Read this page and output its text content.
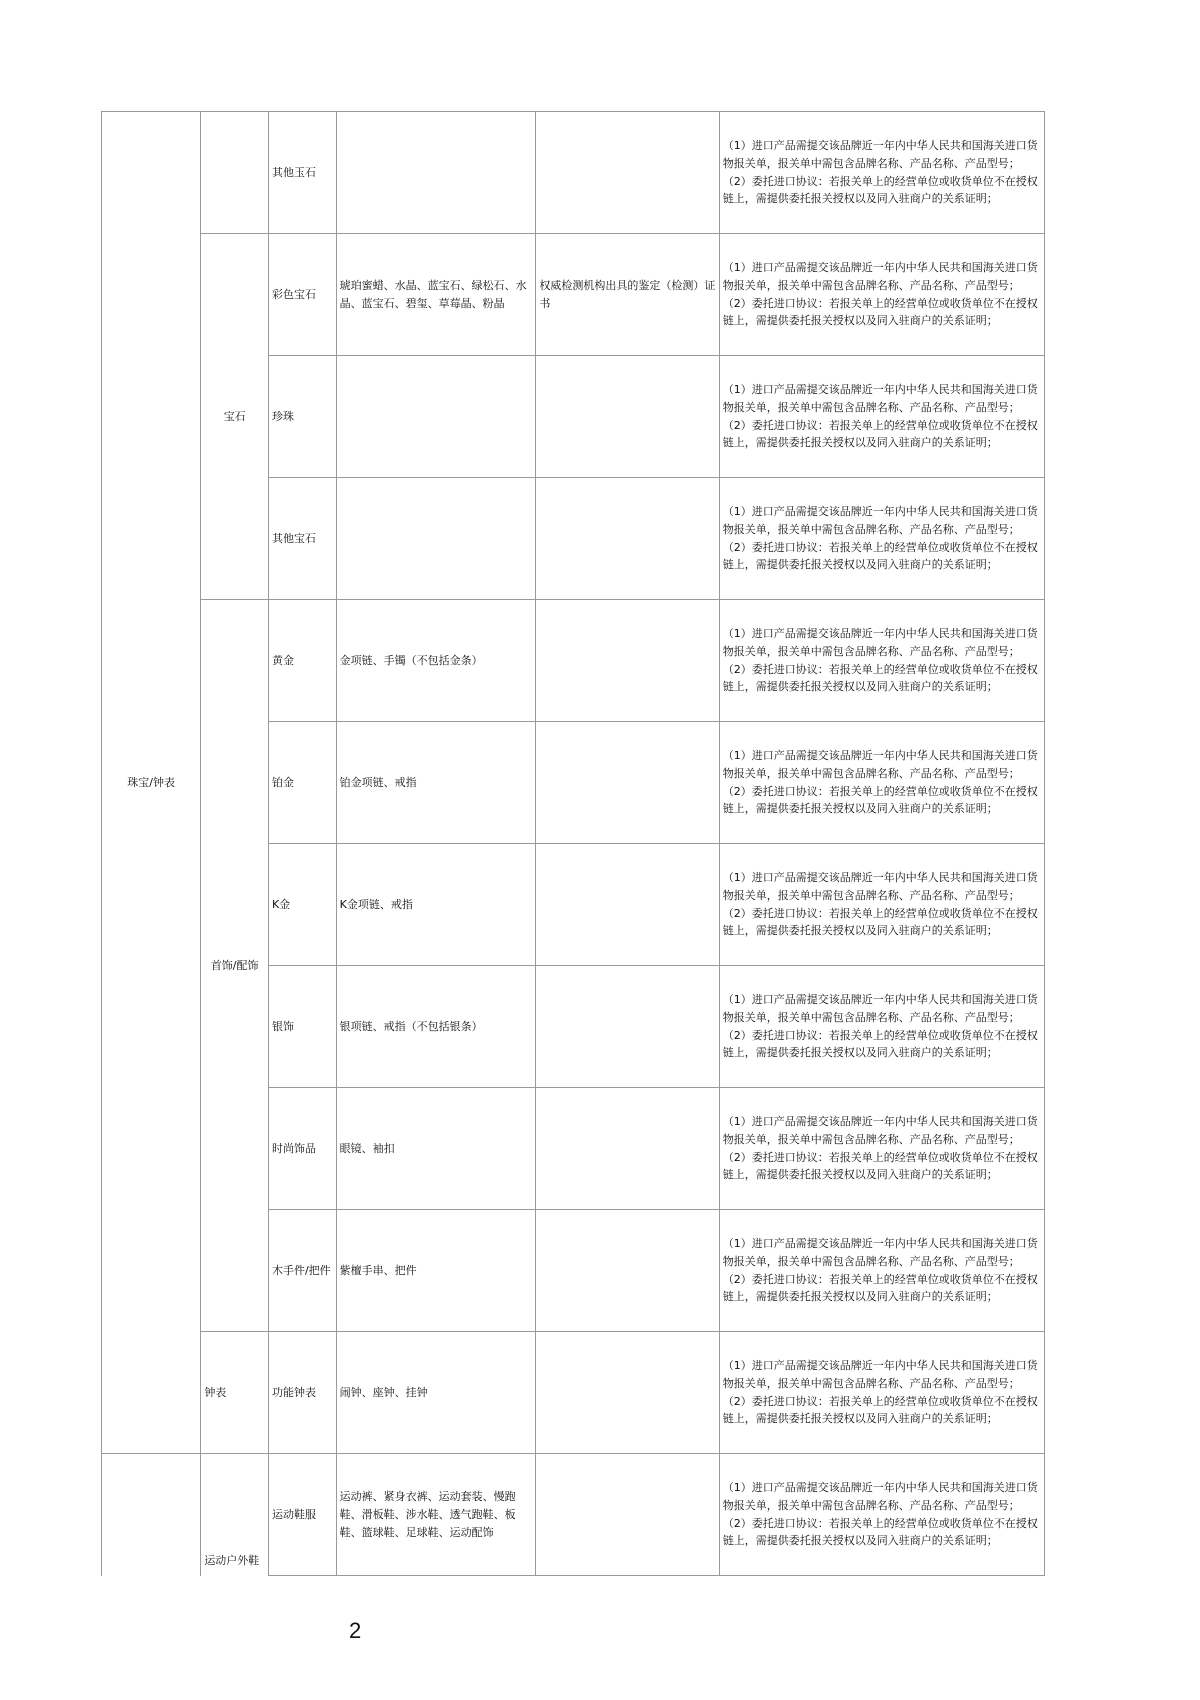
珠宝/钟表		其他玉石			（1）进口产品需提交该品牌近一年内中华人民共和国海关进口货物报关单，报关单中需包含品牌名称、产品名称、产品型号；
（2）委托进口协议：若报关单上的经营单位或收货单位不在授权链上，需提供委托报关授权以及同入驻商户的关系证明；
	宝石	彩色宝石	琥珀蜜蜡、水晶、蓝宝石、绿松石、水晶、蓝宝石、碧玺、草莓晶、粉晶	权威检测机构出具的鉴定（检测）证书	（1）进口产品需提交该品牌近一年内中华人民共和国海关进口货物报关单，报关单中需包含品牌名称、产品名称、产品型号；
（2）委托进口协议：若报关单上的经营单位或收货单位不在授权链上，需提供委托报关授权以及同入驻商户的关系证明；
		珍珠			（1）进口产品需提交该品牌近一年内中华人民共和国海关进口货物报关单，报关单中需包含品牌名称、产品名称、产品型号；
（2）委托进口协议：若报关单上的经营单位或收货单位不在授权链上，需提供委托报关授权以及同入驻商户的关系证明；
		其他宝石			（1）进口产品需提交该品牌近一年内中华人民共和国海关进口货物报关单，报关单中需包含品牌名称、产品名称、产品型号；
（2）委托进口协议：若报关单上的经营单位或收货单位不在授权链上，需提供委托报关授权以及同入驻商户的关系证明；
	首饰/配饰	黄金	金项链、手镯（不包括金条）		（1）进口产品需提交该品牌近一年内中华人民共和国海关进口货物报关单，报关单中需包含品牌名称、产品名称、产品型号；
（2）委托进口协议：若报关单上的经营单位或收货单位不在授权链上，需提供委托报关授权以及同入驻商户的关系证明；
		铂金	铂金项链、戒指		（1）进口产品需提交该品牌近一年内中华人民共和国海关进口货物报关单，报关单中需包含品牌名称、产品名称、产品型号；
（2）委托进口协议：若报关单上的经营单位或收货单位不在授权链上，需提供委托报关授权以及同入驻商户的关系证明；
		K金	K金项链、戒指		（1）进口产品需提交该品牌近一年内中华人民共和国海关进口货物报关单，报关单中需包含品牌名称、产品名称、产品型号；
（2）委托进口协议：若报关单上的经营单位或收货单位不在授权链上，需提供委托报关授权以及同入驻商户的关系证明；
		银饰	银项链、戒指（不包括银条）		（1）进口产品需提交该品牌近一年内中华人民共和国海关进口货物报关单，报关单中需包含品牌名称、产品名称、产品型号；
（2）委托进口协议：若报关单上的经营单位或收货单位不在授权链上，需提供委托报关授权以及同入驻商户的关系证明；
		时尚饰品	眼镜、袖扣		（1）进口产品需提交该品牌近一年内中华人民共和国海关进口货物报关单，报关单中需包含品牌名称、产品名称、产品型号；
（2）委托进口协议：若报关单上的经营单位或收货单位不在授权链上，需提供委托报关授权以及同入驻商户的关系证明；
		木手件/把件	紫檀手串、把件		（1）进口产品需提交该品牌近一年内中华人民共和国海关进口货物报关单，报关单中需包含品牌名称、产品名称、产品型号；
（2）委托进口协议：若报关单上的经营单位或收货单位不在授权链上，需提供委托报关授权以及同入驻商户的关系证明；
	钟表	功能钟表	闹钟、座钟、挂钟		（1）进口产品需提交该品牌近一年内中华人民共和国海关进口货物报关单，报关单中需包含品牌名称、产品名称、产品型号；
（2）委托进口协议：若报关单上的经营单位或收货单位不在授权链上，需提供委托报关授权以及同入驻商户的关系证明；
	运动户外鞋	运动鞋服	运动裤、紧身衣裤、运动套装、慢跑鞋、滑板鞋、涉水鞋、透气跑鞋、板鞋、篮球鞋、足球鞋、运动配饰		（1）进口产品需提交该品牌近一年内中华人民共和国海关进口货物报关单，报关单中需包含品牌名称、产品名称、产品型号；
（2）委托进口协议：若报关单上的经营单位或收货单位不在授权链上，需提供委托报关授权以及同入驻商户的关系证明；
2
